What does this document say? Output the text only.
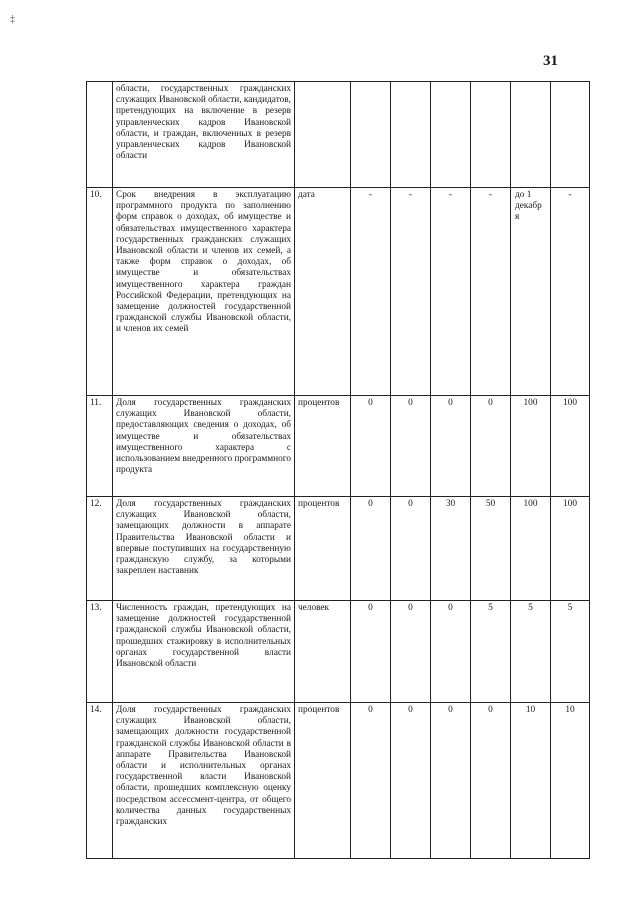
‡
31
	области, государственных гражданских служащих Ивановской области, кандидатов, претендующих на включение в резерв управленческих кадров Ивановской области, и граждан, включенных в резерв управленческих кадров Ивановской области							
10.	Срок внедрения в эксплуатацию программного продукта по заполнению форм справок о доходах, об имуществе и обязательствах имущественного характера государственных гражданских служащих Ивановской области и членов их семей, а также форм справок о доходах, об имуществе и обязательствах имущественного характера граждан Российской Федерации, претендующих на замещение должностей государственной гражданской службы Ивановской области, и членов их семей	дата	-	-	-	-	до 1 декабр я	-
11.	Доля государственных гражданских служащих Ивановской области, предоставляющих сведения о доходах, об имуществе и обязательствах имущественного характера с использованием внедренного программного продукта	процентов	0	0	0	0	100	100
12.	Доля государственных гражданских служащих Ивановской области, замещающих должности в аппарате Правительства Ивановской области и впервые поступивших на государственную гражданскую службу, за которыми закреплен наставник	процентов	0	0	30	50	100	100
13.	Численность граждан, претендующих на замещение должностей государственной гражданской службы Ивановской области, прошедших стажировку в исполнительных органах государственной власти Ивановской области	человек	0	0	0	5	5	5
14.	Доля государственных гражданских служащих Ивановской области, замещающих должности государственной гражданской службы Ивановской области в аппарате Правительства Ивановской области и исполнительных органах государственной власти Ивановской области, прошедших комплексную оценку посредством ассессмент-центра, от общего количества данных государственных гражданских	процентов	0	0	0	0	10	10
